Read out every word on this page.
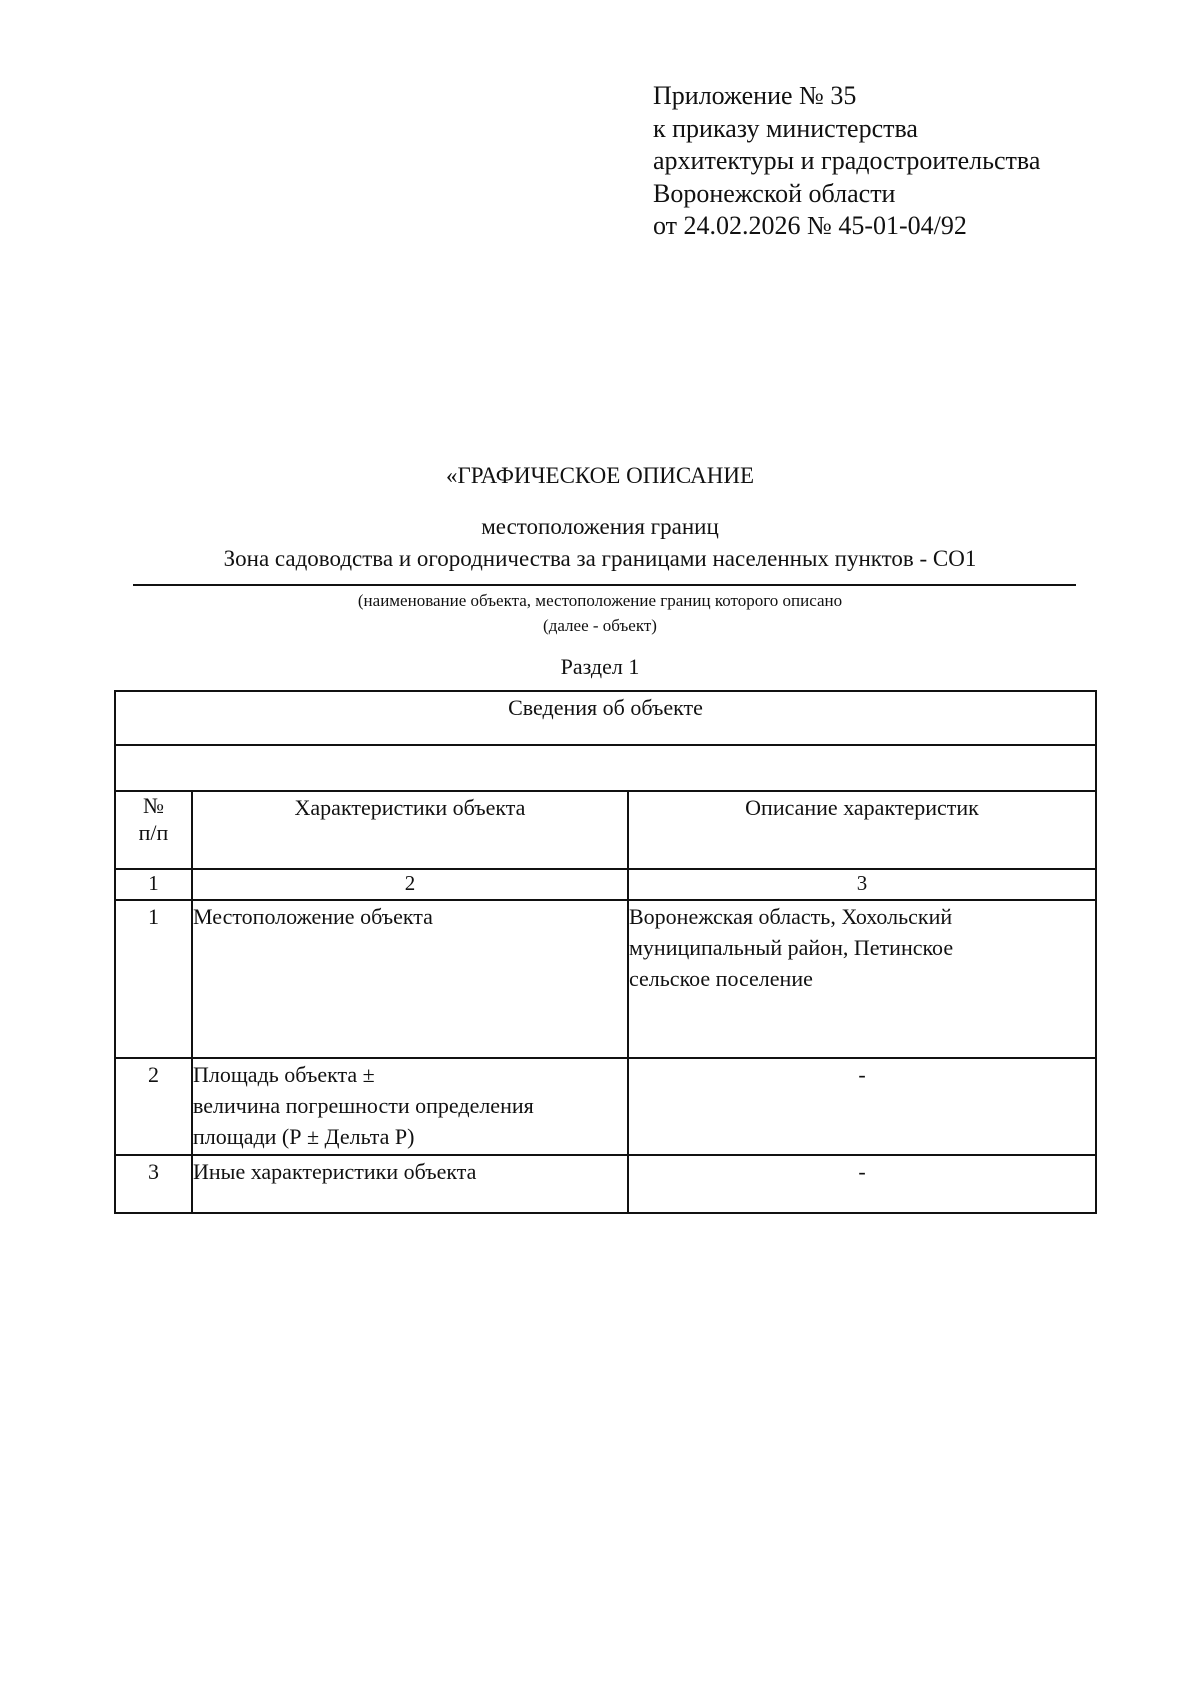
Приложение № 35
к приказу министерства
архитектуры и градостроительства
Воронежской области
от 24.02.2026 № 45-01-04/92
«ГРАФИЧЕСКОЕ ОПИСАНИЕ
местоположения границ
Зона садоводства и огородничества за границами населенных пунктов - СО1
(наименование объекта, местоположение границ которого описано
(далее - объект)
Раздел 1
Сведения об объекте		

№
п/п	Характеристики объекта	Описание характеристик
1	2	3
1	Местоположение объекта	Воронежская область, Хохольский
муниципальный район, Петинское
сельское поселение

2	Площадь объекта ±
величина погрешности определения
площади (Р ± Дельта Р)	-
3	Иные характеристики объекта	-
